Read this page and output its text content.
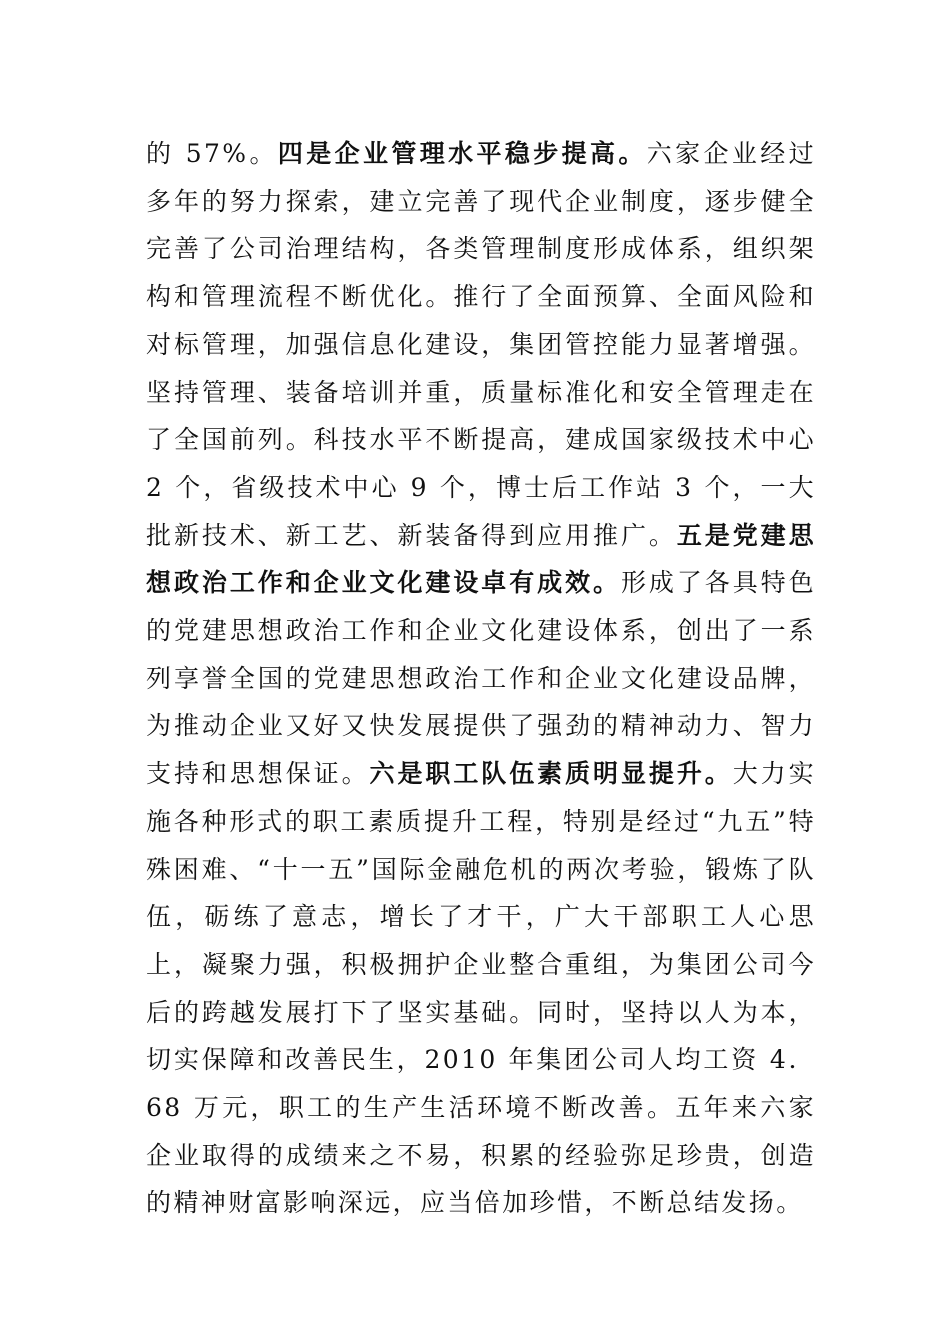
的 57%。四是企业管理水平稳步提高。六家企业经过多年的努力探索，建立完善了现代企业制度，逐步健全完善了公司治理结构，各类管理制度形成体系，组织架构和管理流程不断优化。推行了全面预算、全面风险和对标管理，加强信息化建设，集团管控能力显著增强。坚持管理、装备培训并重，质量标准化和安全管理走在了全国前列。科技水平不断提高，建成国家级技术中心 2 个，省级技术中心 9 个，博士后工作站 3 个，一大批新技术、新工艺、新装备得到应用推广。五是党建思想政治工作和企业文化建设卓有成效。形成了各具特色的党建思想政治工作和企业文化建设体系，创出了一系列享誉全国的党建思想政治工作和企业文化建设品牌，为推动企业又好又快发展提供了强劲的精神动力、智力支持和思想保证。六是职工队伍素质明显提升。大力实施各种形式的职工素质提升工程，特别是经过“九五”特殊困难、“十一五”国际金融危机的两次考验，锻炼了队伍，砺练了意志，增长了才干，广大干部职工人心思上，凝聚力强，积极拥护企业整合重组，为集团公司今后的跨越发展打下了坚实基础。同时，坚持以人为本，切实保障和改善民生，2010 年集团公司人均工资 4．68 万元，职工的生产生活环境不断改善。五年来六家企业取得的成绩来之不易，积累的经验弥足珍贵，创造的精神财富影响深远，应当倍加珍惜，不断总结发扬。
